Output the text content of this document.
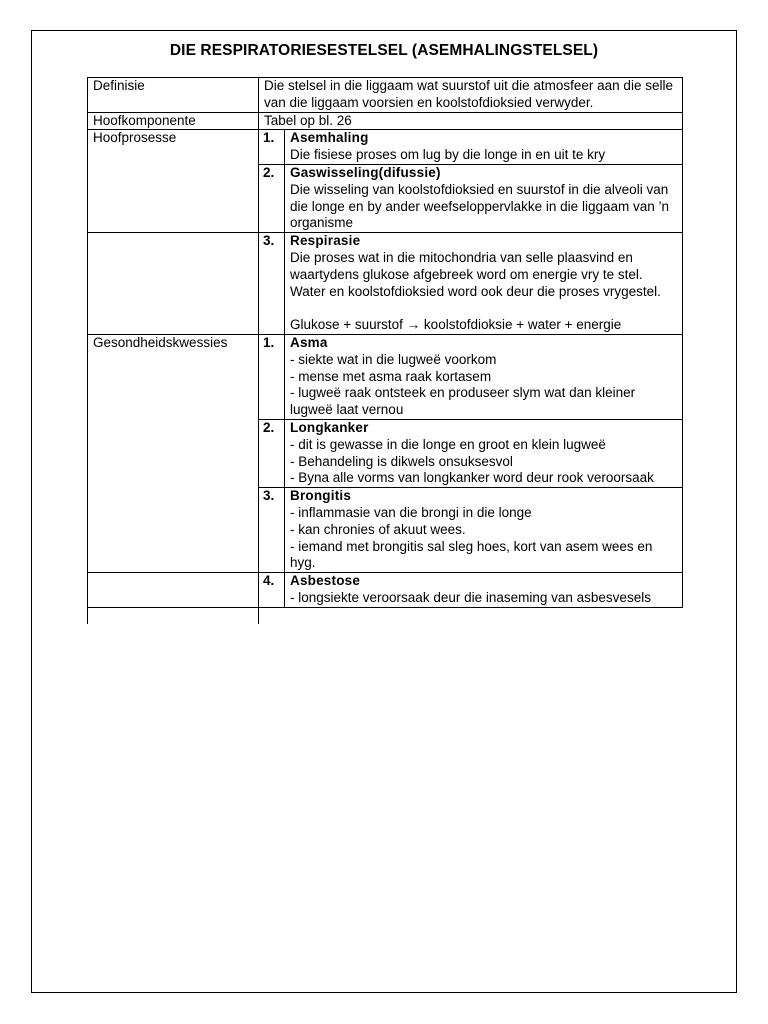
DIE RESPIRATORIESESTELSEL (ASEMHALINGSTELSEL)
Definisie	Die stelsel in die liggaam wat suurstof uit die atmosfeer aan die selle van die liggaam voorsien en koolstofdioksied verwyder.	
Hoofkomponente	Tabel op bl. 26	
Hoofprosesse	1.	Asemhaling
Die fisiese proses om lug by die longe in en uit te kry

	2.	Gaswisseling(difussie)
Die wisseling van koolstofdioksied en suurstof in die alveoli van die longe en by ander weefseloppervlakke in die liggaam van ’n organisme

	3.	Respirasie
Die proses wat in die mitochondria van selle plaasvind en waartydens glukose afgebreek word om energie vry te stel. Water en koolstofdioksied word ook deur die proses vrygestel.
Glukose + suurstof → koolstofdioksie + water + energie

Gesondheidskwessies	1.	Asma
- siekte wat in die lugweë voorkom
- mense met asma raak kortasem
- lugweë raak ontsteek en produseer slym wat dan kleiner lugweë laat vernou

	2.	Longkanker
- dit is gewasse in die longe en groot en klein lugweë
- Behandeling is dikwels onsuksesvol
- Byna alle vorms van longkanker word deur rook veroorsaak

	3.	Brongitis
- inflammasie van die brongi in die longe
- kan chronies of akuut wees.
- iemand met brongitis sal sleg hoes, kort van asem wees en hyg.

	4.	Asbestose
- longsiekte veroorsaak deur die inaseming van asbesvesels
